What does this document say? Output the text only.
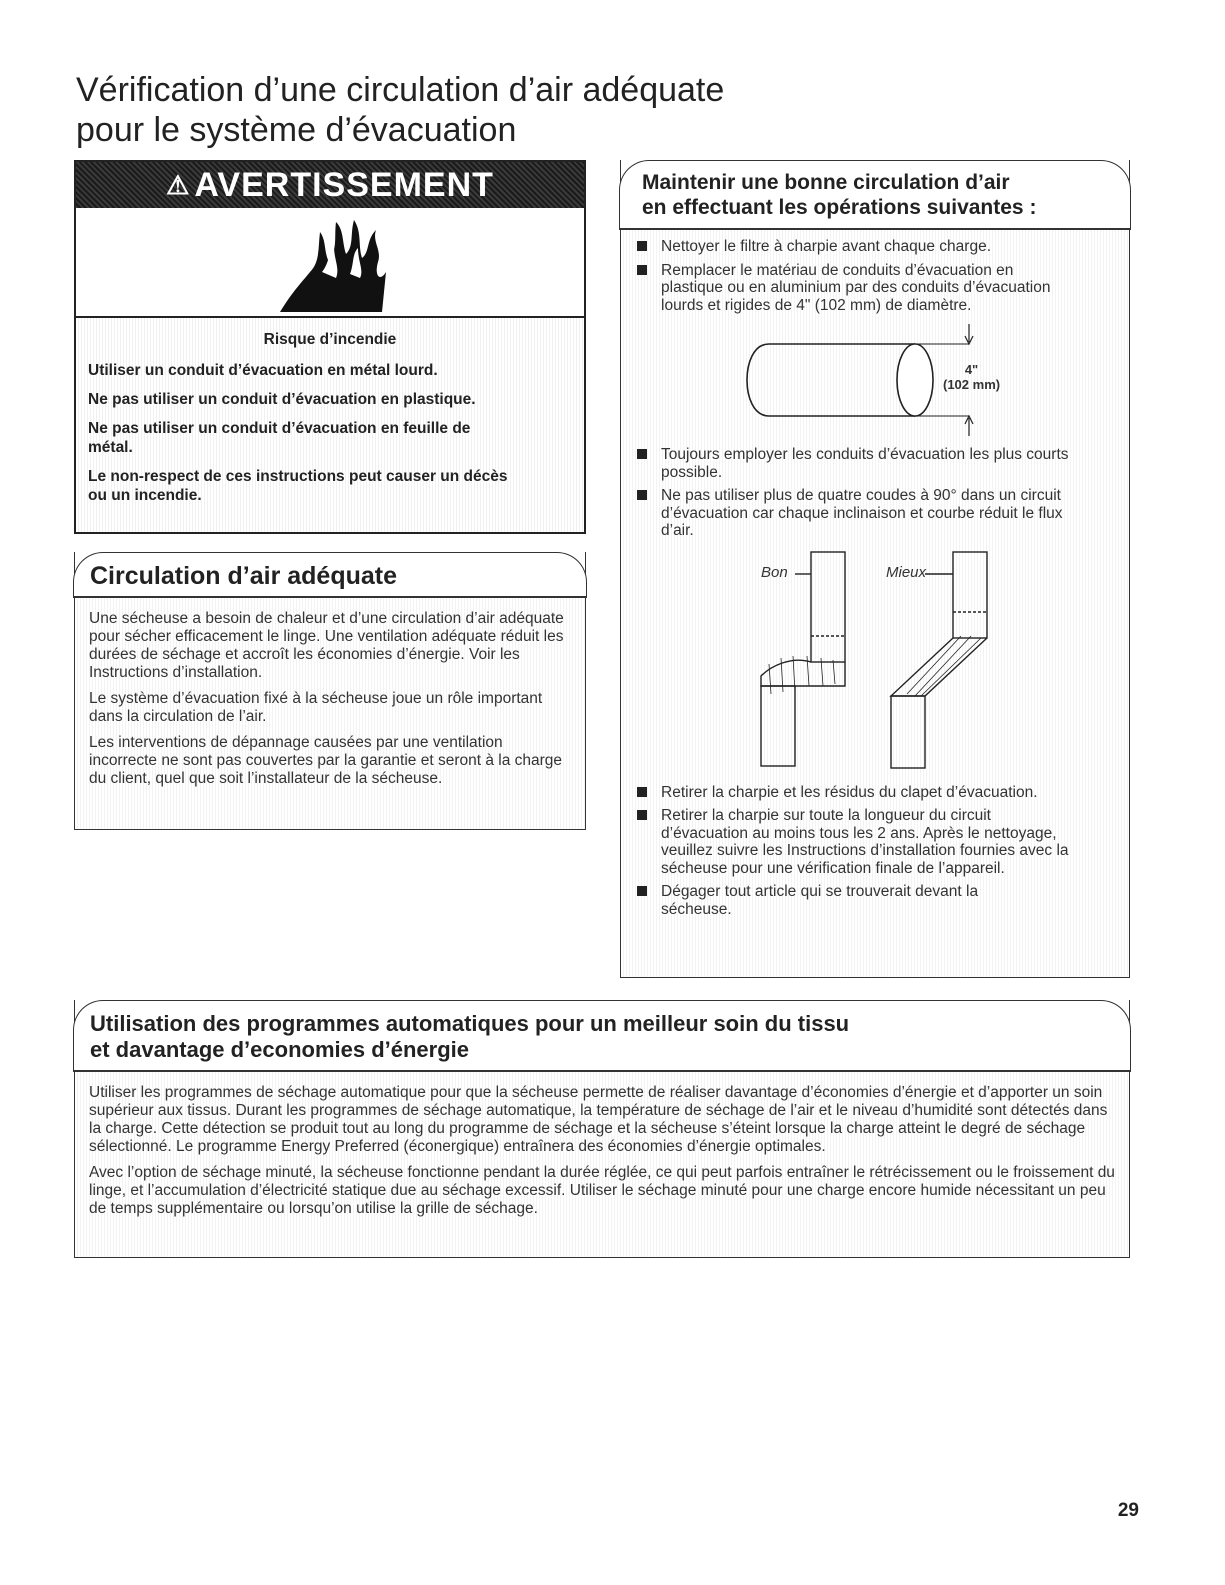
Vérification d’une circulation d’air adéquate
pour le système d’évacuation
⚠ AVERTISSEMENT

Risque d’incendie

Utiliser un conduit d’évacuation en métal lourd.

Ne pas utiliser un conduit d’évacuation en plastique.

Ne pas utiliser un conduit d’évacuation en feuille de métal.

Le non-respect de ces instructions peut causer un décès ou un incendie.

Circulation d’air adéquate

Une sécheuse a besoin de chaleur et d’une circulation d’air adéquate pour sécher efficacement le linge. Une ventilation adéquate réduit les durées de séchage et accroît les économies d’énergie. Voir les Instructions d’installation.

Le système d’évacuation fixé à la sécheuse joue un rôle important dans la circulation de l’air.

Les interventions de dépannage causées par une ventilation incorrecte ne sont pas couvertes par la garantie et seront à la charge du client, quel que soit l’installateur de la sécheuse.

Maintenir une bonne circulation d’air
en effectuant les opérations suivantes :
Nettoyer le filtre à charpie avant chaque charge.
Remplacer le matériau de conduits d’évacuation en plastique ou en aluminium par des conduits d’évacuation lourds et rigides de 4" (102 mm) de diamètre.
4"
(102 mm)
Toujours employer les conduits d’évacuation les plus courts possible.
Ne pas utiliser plus de quatre coudes à 90° dans un circuit d’évacuation car chaque inclinaison et courbe réduit le flux d’air.
Bon	Mieux
Retirer la charpie et les résidus du clapet d’évacuation.
Retirer la charpie sur toute la longueur du circuit d’évacuation au moins tous les 2 ans. Après le nettoyage, veuillez suivre les Instructions d’installation fournies avec la sécheuse pour une vérification finale de l’appareil.
Dégager tout article qui se trouverait devant la sécheuse.
Utilisation des programmes automatiques pour un meilleur soin du tissu
et davantage d’economies d’énergie

Utiliser les programmes de séchage automatique pour que la sécheuse permette de réaliser davantage d’économies d’énergie et d’apporter un soin supérieur aux tissus. Durant les programmes de séchage automatique, la température de séchage de l’air et le niveau d’humidité sont détectés dans la charge. Cette détection se produit tout au long du programme de séchage et la sécheuse s’éteint lorsque la charge atteint le degré de séchage sélectionné. Le programme Energy Preferred (éconergique) entraînera des économies d’énergie optimales.

Avec l’option de séchage minuté, la sécheuse fonctionne pendant la durée réglée, ce qui peut parfois entraîner le rétrécissement ou le froissement du linge, et l’accumulation d’électricité statique due au séchage excessif. Utiliser le séchage minuté pour une charge encore humide nécessitant un peu de temps supplémentaire ou lorsqu’on utilise la grille de séchage.

29
